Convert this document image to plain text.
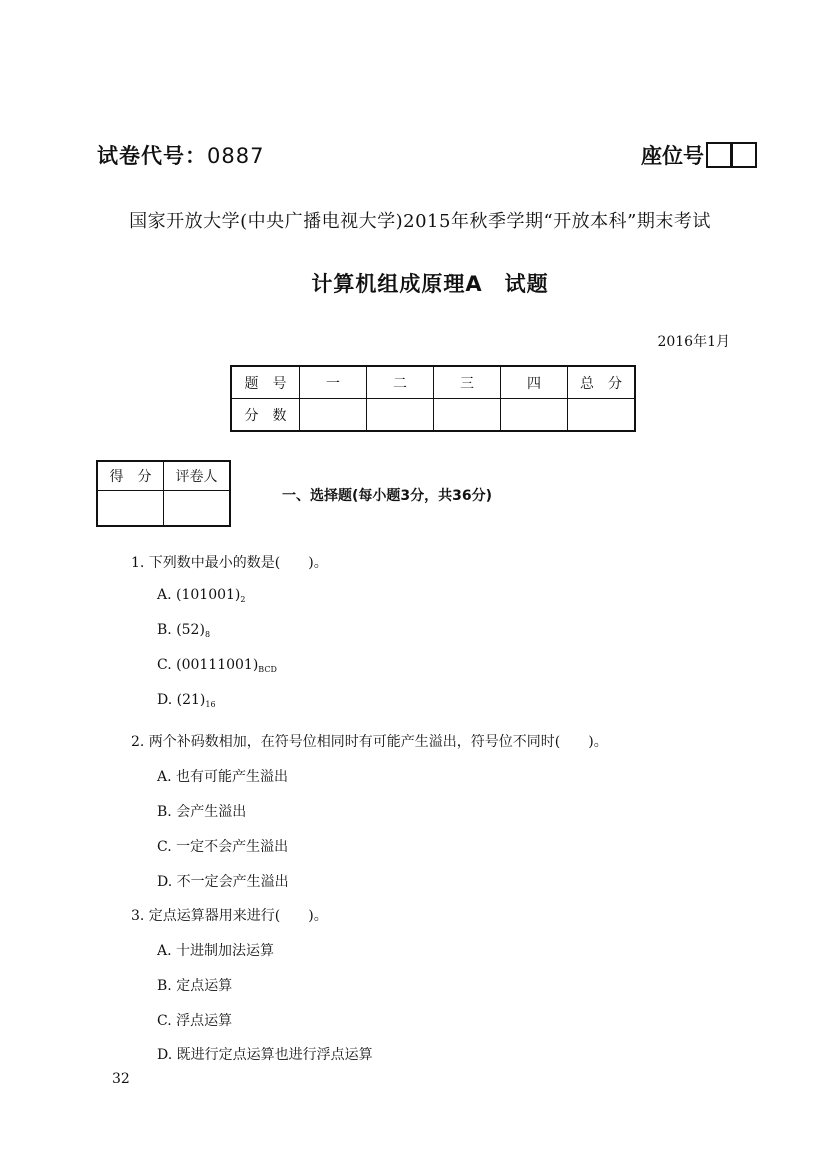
试卷代号：0887	座位号
国家开放大学(中央广播电视大学)2015年秋季学期“开放本科”期末考试
计算机组成原理A　试题
2016年1月
题　号	一	二	三	四	总　分
分　数					
得　分	评卷人

一、选择题(每小题3分，共36分)
1. 下列数中最小的数是(　　)。
A. $(101001)_2$
B. $(52)_8$
C. $(00111001)_{BCD}$
D. $(21)_{16}$
2. 两个补码数相加，在符号位相同时有可能产生溢出，符号位不同时(　　)。
A. 也有可能产生溢出
B. 会产生溢出
C. 一定不会产生溢出
D. 不一定会产生溢出
3. 定点运算器用来进行(　　)。
A. 十进制加法运算
B. 定点运算
C. 浮点运算
D. 既进行定点运算也进行浮点运算
32
